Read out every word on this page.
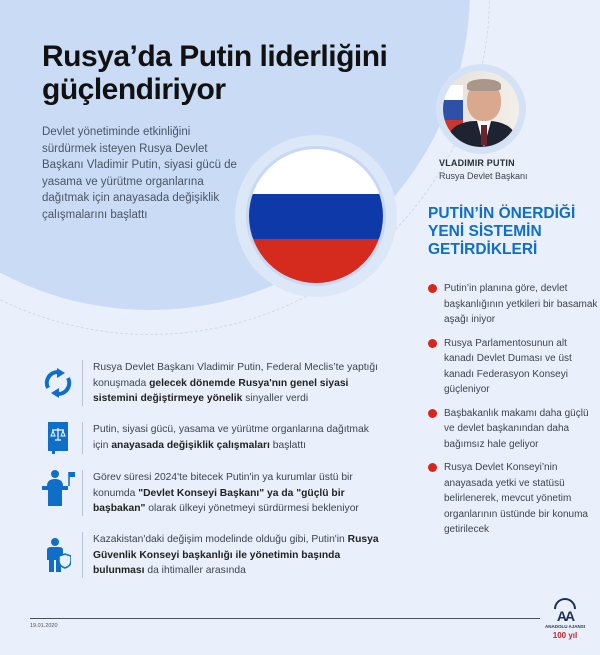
Rusya’da Putin liderliğini
güçlendiriyor

Devlet yönetiminde etkinliğini sürdürmek isteyen Rusya Devlet Başkanı Vladimir Putin, siyasi gücü de yasama ve yürütme organlarına dağıtmak için anayasada değişiklik çalışmalarını başlattı

VLADIMIR PUTIN
Rusya Devlet Başkanı
PUTİN’İN ÖNERDİĞİ
YENİ SİSTEMİN
GETİRDİKLERİ
Putin’in planına göre, devlet başkanlığının yetkileri bir basamak aşağı iniyor
Rusya Parlamentosunun alt kanadı Devlet Duması ve üst kanadı Federasyon Konseyi güçleniyor
Başbakanlık makamı daha güçlü ve devlet başkanından daha bağımsız hale geliyor
Rusya Devlet Konseyi’nin anayasada yetki ve statüsü belirlenerek, mevcut yönetim organlarının üstünde bir konuma getirilecek
Rusya Devlet Başkanı Vladimir Putin, Federal Meclis’te yaptığı konuşmada gelecek dönemde Rusya'nın genel siyasi sistemini değiştirmeye yönelik sinyaller verdi
Putin, siyasi gücü, yasama ve yürütme organlarına dağıtmak için anayasada değişiklik çalışmaları başlattı
Görev süresi 2024'te bitecek Putin'in ya kurumlar üstü bir konumda "Devlet Konseyi Başkanı" ya da "güçlü bir başbakan" olarak ülkeyi yönetmeyi sürdürmesi bekleniyor
Kazakistan'daki değişim modelinde olduğu gibi, Putin'in Rusya Güvenlik Konseyi başkanlığı ile yönetimin başında bulunması da ihtimaller arasında
19.01.2020
AA
ANADOLU AJANSI
100 yıl
